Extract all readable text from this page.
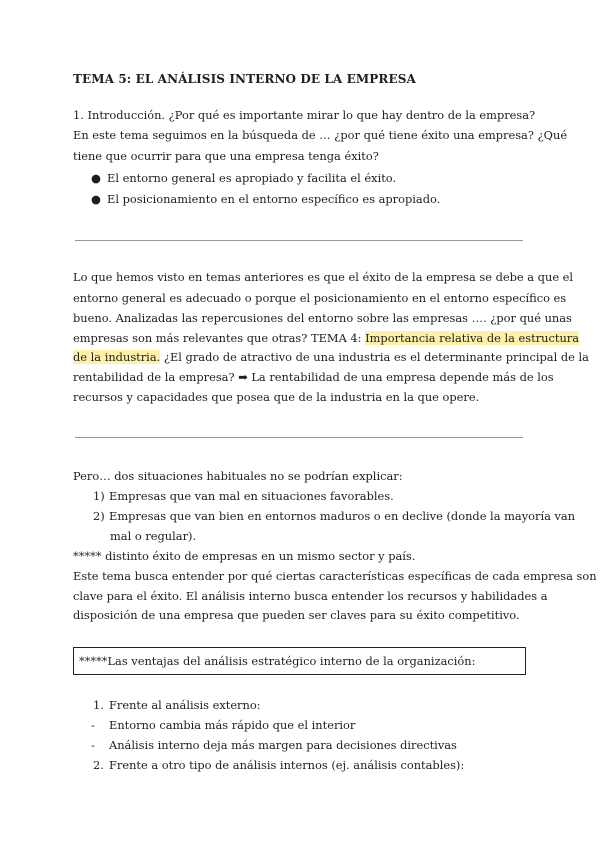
TEMA 5: EL ANÁLISIS INTERNO DE LA EMPRESA
1. Introducción. ¿Por qué es importante mirar lo que hay dentro de la empresa?
En este tema seguimos en la búsqueda de … ¿por qué tiene éxito una empresa? ¿Qué
tiene que ocurrir para que una empresa tenga éxito?
● El entorno general es apropiado y facilita el éxito.
● El posicionamiento en el entorno específico es apropiado.
Lo que hemos visto en temas anteriores es que el éxito de la empresa se debe a que el
entorno general es adecuado o porque el posicionamiento en el entorno específico es
bueno. Analizadas las repercusiones del entorno sobre las empresas …. ¿por qué unas
empresas son más relevantes que otras? TEMA 4: Importancia relativa de la estructura
de la industria. ¿El grado de atractivo de una industria es el determinante principal de la
rentabilidad de la empresa? ➡ La rentabilidad de una empresa depende más de los
recursos y capacidades que posea que de la industria en la que opere.
Pero… dos situaciones habituales no se podrían explicar:
1) Empresas que van mal en situaciones favorables.
2) Empresas que van bien en entornos maduros o en declive (donde la mayoría van
mal o regular).
***** distinto éxito de empresas en un mismo sector y país.
Este tema busca entender por qué ciertas características específicas de cada empresa son
clave para el éxito. El análisis interno busca entender los recursos y habilidades a
disposición de una empresa que pueden ser claves para su éxito competitivo.
*****Las ventajas del análisis estratégico interno de la organización:
1. Frente al análisis externo:
- Entorno cambia más rápido que el interior
- Análisis interno deja más margen para decisiones directivas
2. Frente a otro tipo de análisis internos (ej. análisis contables):
